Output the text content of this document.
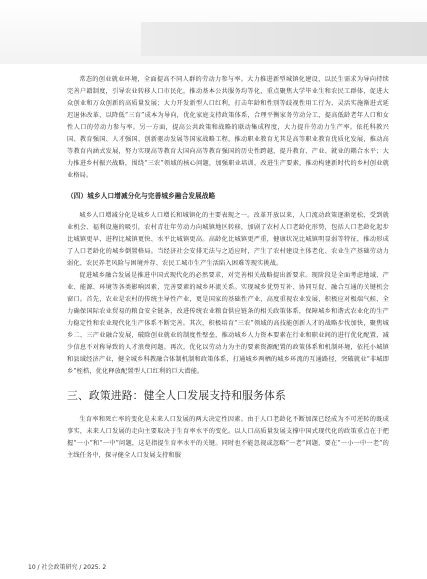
常态的创业就业环境，全面提高不同人群的劳动力参与率。大力推进新型城镇化建设，以民生需求为导向持续完善户籍制度，引导农业转移人口市民化，推动基本公共服务均等化，重点聚焦大学毕业生和农民工群体，促进大众创业和万众创新的高质量发展；大力开发新型人口红利，打击年龄和性别等歧视性用工行为，灵活实施渐进式延迟退休改革，以降低“三育”成本为导向，优化家庭支持政策体系，合理平衡家务劳动分工，提高低龄老年人口和女性人口的劳动力参与率。另一方面，提高公共政策和战略的联动集成程度，大力提升劳动力生产率。依托科教兴国、教育强国、人才强国、创新驱动发展等国家战略工程，推动职业教育尤其是高等职业教育优质化发展，推动高等教育内涵式发展，努力实现高等教育大国向高等教育强国的历史性跨越，提升教育、产业、就业的耦合水平；大力推进乡村振兴战略，围绕“三农”领域的核心问题，加强职业培训，改进生产要素，推动构建新时代的乡村创业就业格局。

（四）城乡人口增减分化与完善城乡融合发展战略

城乡人口增减分化是城乡人口增长和城镇化的主要表现之一。改革开放以来，人口流动政策逐渐宽松，受到就业机会、福利设施的吸引，农村青壮年劳动力向城镇地区转移，加剧了农村人口老龄化形势，包括人口老龄化起步比城镇更早、进程比城镇更快、水平比城镇更高。高龄化比城镇更严重，健康状况比城镇明显弱等特征，推动形成了人口老龄化的城乡倒置格局。当经济社会安排无法与之适应时，产生了农村建设主体老化、农业生产基础劳动力弱化、农民养老风险与困境并存、农民工城市生产生活陷入困难等现实挑战。

促进城乡融合发展是推进中国式现代化的必然要求，对完善相关战略提出新要求。现阶段是全面考虑地域、产业、能源、环境等各类影响因素，完善要素的城乡环流关系。实现城乡优势互补、协同互促、融合互通的关键机会窗口。首先，农业是农村的传统主导性产业，更是国家的基础性产业，高度重视农业发展，积极应对极端气候、全力确保国际农业贸易的粮食安全链条，改进传统农业粮食供应链条的相关政策体系，保障城乡和谐式农业化的生产力稳定性和农业现代化生产体系不断完善。其次，积极培育“三农”领域的高技能创新人才的战略步伐加快，聚焦城乡二、三产业融合发展，破除创业就业的制度性壁垒，推动城乡人力资本要素在行业和职业间的进行优化配置，减少信息不对称导致的人才浪费问题。再次，优化以劳动力为主的要素资源配置的政策体系和机制环境，依托小城镇和县域经济产业，健全城乡科教融合体制机制和政策体系，打通城乡两栖的城乡环流的互通路径，突破就业“非城即乡”桎梏，优化释放配置型人口红利的巨大潜能。

三、政策进路：健全人口发展支持和服务体系

生育率和死亡率的变化是未来人口发展的两大决定性因素。由于人口老龄化不断加深已经成为不可逆转的既成事实，未来人口发展的走向主要取决于生育率水平的变化。以人口高质量发展支撑中国式现代化的政策重点在于把握“一小”和“一中”问题，这是指提生育率水平的关键。同时也不能忽视或忽略“一老”问题，要在“一小一中一老”的主线任务中，探寻健全人口发展支持和服

10 / 社会政策研究 / 2025. 2
